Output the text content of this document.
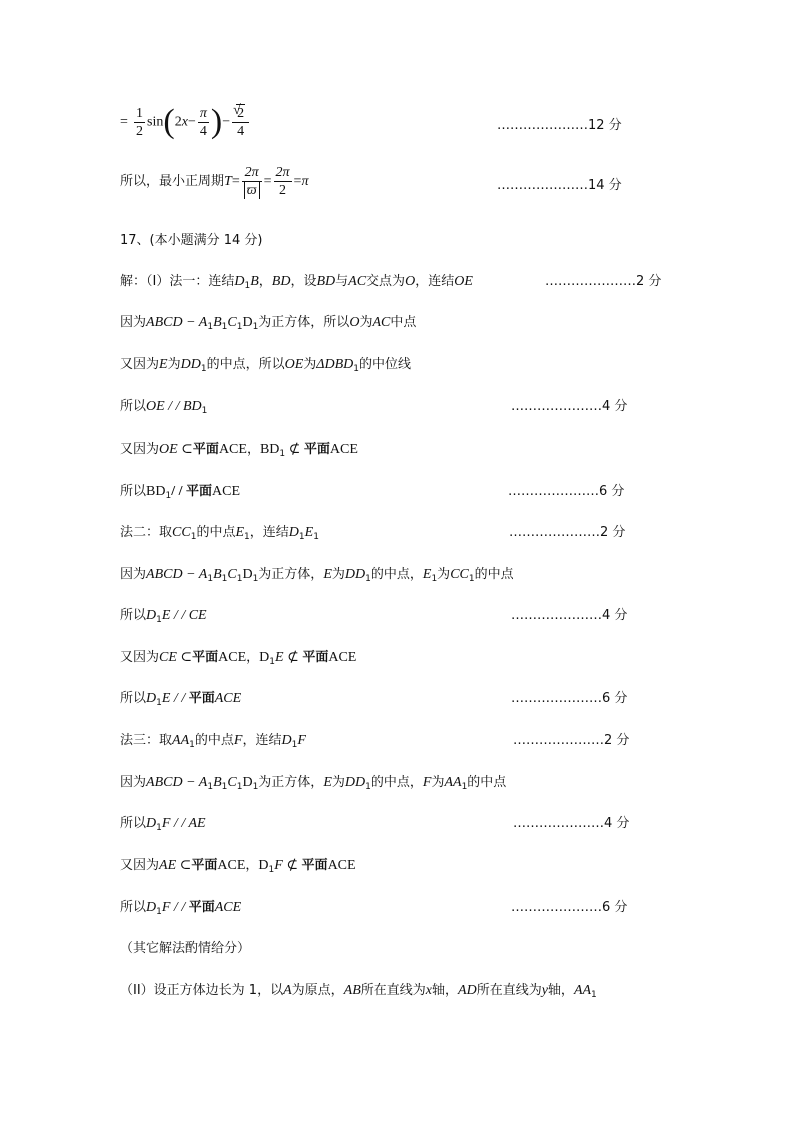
= $\frac{1}{2} \sin(2x- \frac{\pi}{4}$ )−
√ $\frac{2}{4}$	…………………12 分
所以，最小正周期$T= \frac{2\pi}{ϖ} = \frac{2\pi}{2} =\pi$	…………………14 分
17、(本小题满分 14 分)
解：（I）法一：连结$D_1B$，BD，设BD与AC交点为O，连结OE	…………………2 分
因为ABCD − $A_1B_1C_1D_1$为正方体，所以O为AC中点
又因为E为$DD_1$的中点，所以OE为$\Delta DBD_1$的中位线
所以OE / / $BD_1$	…………………4 分
又因为OE ⊂平面ACE，$BD_1$ ⊄ 平面ACE
所以$BD_1/$ / 平面ACE	…………………6 分
法二：取$CC_1$的中点$E_1$，连结$D_1E_1$	…………………2 分
因为ABCD − $A_1B_1C_1D_1$为正方体，E为$DD_1$的中点，$E_1$为$CC_1$的中点
所以$D_1E$ / / CE	…………………4 分
又因为CE ⊂平面ACE，$D_1E$ ⊄ 平面ACE
所以$D_1E$ / / 平面ACE	…………………6 分
法三：取$AA_1$的中点F，连结$D_1F$	…………………2 分
因为ABCD − $A_1B_1C_1D_1$为正方体，E为$DD_1$的中点，F为$AA_1$的中点
所以$D_1F$ / / AE	…………………4 分
又因为AE ⊂平面ACE，$D_1F$ ⊄ 平面ACE
所以$D_1F$ / / 平面ACE	…………………6 分
（其它解法酌情给分）
（II）设正方体边长为 1，以A为原点，AB所在直线为x轴，AD所在直线为y轴，$AA_1$
